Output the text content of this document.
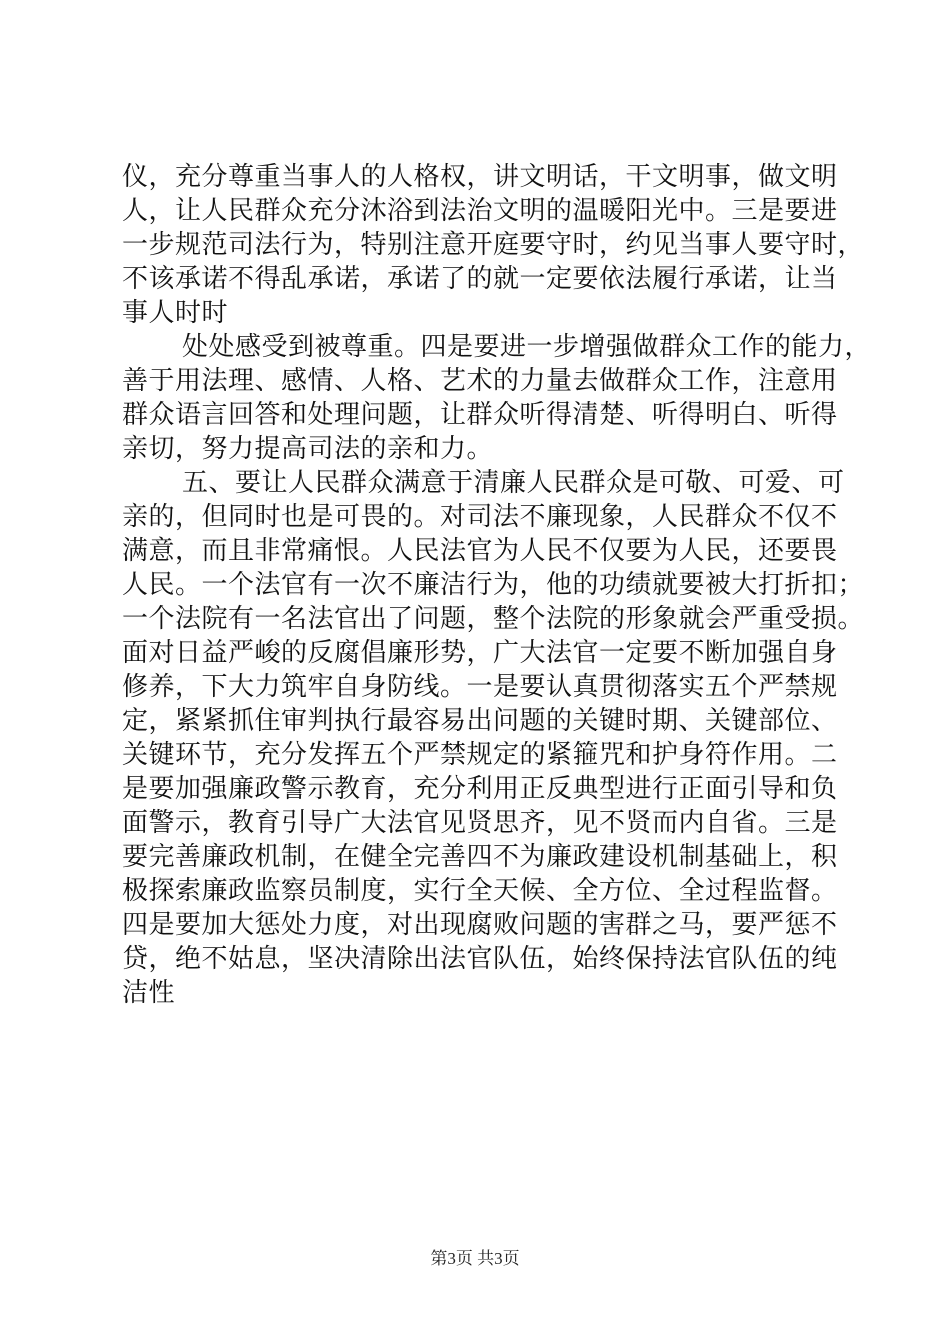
仪，充分尊重当事人的人格权，讲文明话，干文明事，做文明
人，让人民群众充分沐浴到法治文明的温暖阳光中。三是要进
一步规范司法行为，特别注意开庭要守时，约见当事人要守时，
不该承诺不得乱承诺，承诺了的就一定要依法履行承诺，让当
事人时时
处处感受到被尊重。四是要进一步增强做群众工作的能力，
善于用法理、感情、人格、艺术的力量去做群众工作，注意用
群众语言回答和处理问题，让群众听得清楚、听得明白、听得
亲切，努力提高司法的亲和力。
五、要让人民群众满意于清廉人民群众是可敬、可爱、可
亲的，但同时也是可畏的。对司法不廉现象，人民群众不仅不
满意，而且非常痛恨。人民法官为人民不仅要为人民，还要畏
人民。一个法官有一次不廉洁行为，他的功绩就要被大打折扣；
一个法院有一名法官出了问题，整个法院的形象就会严重受损。
面对日益严峻的反腐倡廉形势，广大法官一定要不断加强自身
修养，下大力筑牢自身防线。一是要认真贯彻落实五个严禁规
定，紧紧抓住审判执行最容易出问题的关键时期、关键部位、
关键环节，充分发挥五个严禁规定的紧箍咒和护身符作用。二
是要加强廉政警示教育，充分利用正反典型进行正面引导和负
面警示，教育引导广大法官见贤思齐，见不贤而内自省。三是
要完善廉政机制，在健全完善四不为廉政建设机制基础上，积
极探索廉政监察员制度，实行全天候、全方位、全过程监督。
四是要加大惩处力度，对出现腐败问题的害群之马，要严惩不
贷，绝不姑息，坚决清除出法官队伍，始终保持法官队伍的纯
洁性
第3页 共3页
